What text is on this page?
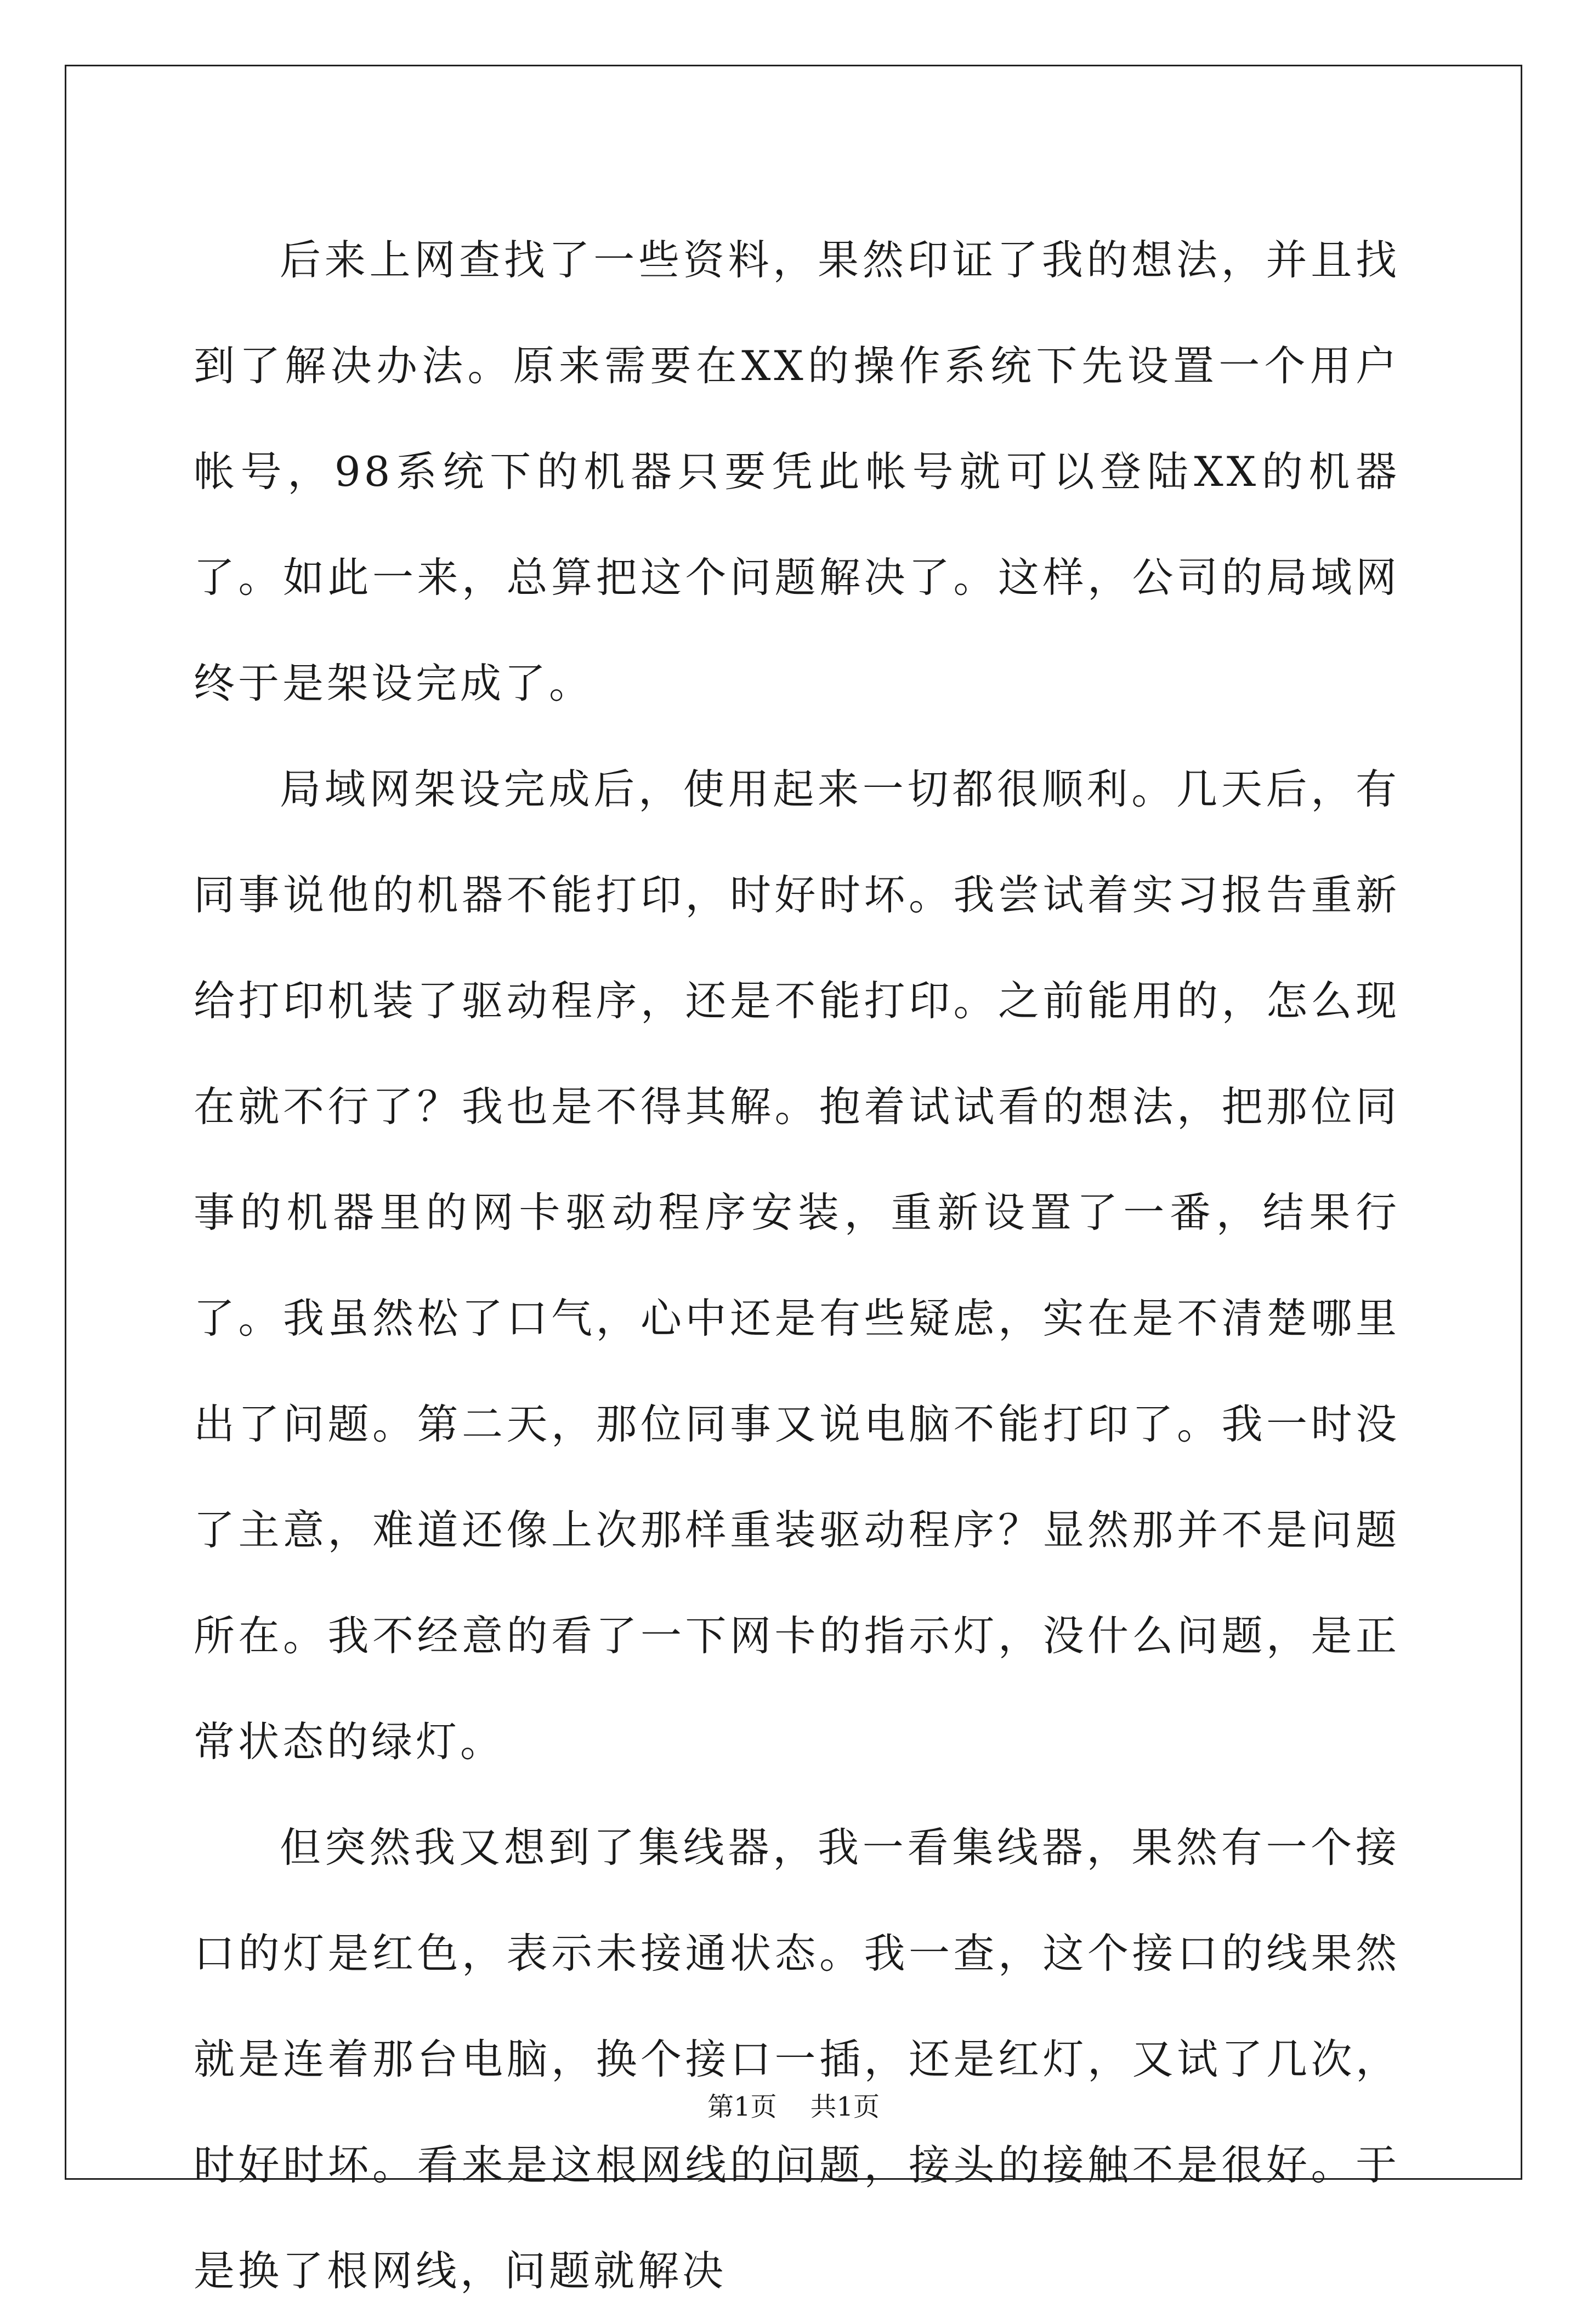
后来上网查找了一些资料，果然印证了我的想法，并且找到了解决办法。原来需要在XX的操作系统下先设置一个用户帐号，98系统下的机器只要凭此帐号就可以登陆XX的机器了。如此一来，总算把这个问题解决了。这样，公司的局域网终于是架设完成了。

局域网架设完成后，使用起来一切都很顺利。几天后，有同事说他的机器不能打印，时好时坏。我尝试着实习报告重新给打印机装了驱动程序，还是不能打印。之前能用的，怎么现在就不行了？我也是不得其解。抱着试试看的想法，把那位同事的机器里的网卡驱动程序安装，重新设置了一番，结果行了。我虽然松了口气，心中还是有些疑虑，实在是不清楚哪里出了问题。第二天，那位同事又说电脑不能打印了。我一时没了主意，难道还像上次那样重装驱动程序？显然那并不是问题所在。我不经意的看了一下网卡的指示灯，没什么问题，是正常状态的绿灯。

但突然我又想到了集线器，我一看集线器，果然有一个接口的灯是红色，表示未接通状态。我一查，这个接口的线果然就是连着那台电脑，换个接口一插，还是红灯，又试了几次，时好时坏。看来是这根网线的问题，接头的接触不是很好。于是换了根网线，问题就解决

第1页 共1页
